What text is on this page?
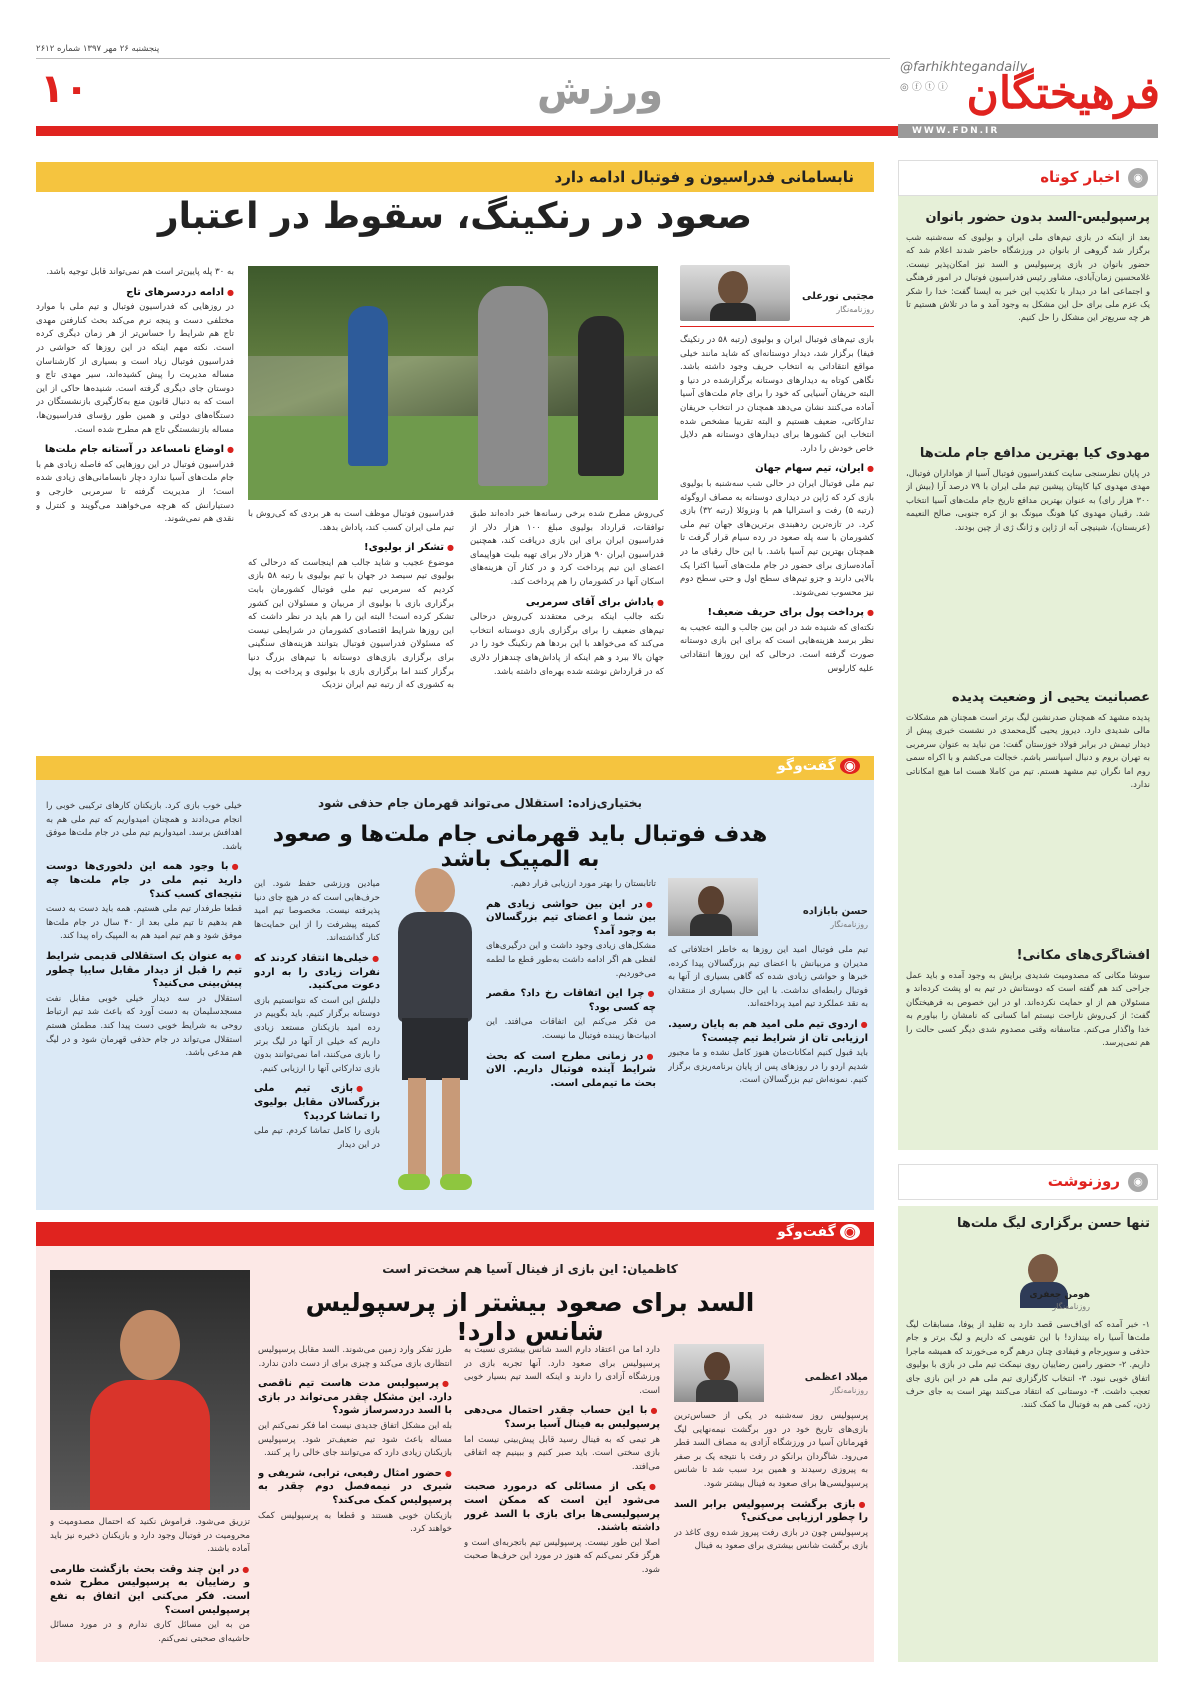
پنجشنبه ۲۶ مهر ۱۳۹۷ شماره ۲۶۱۲
۱۰	ورزش
@farhikhtegandaily
◎ⓕⓣⓘ فرهیختگان
WWW.FDN.IR
نابسامانی فدراسیون و فوتبال ادامه دارد
صعود در رنکینگ، سقوط در اعتبار
مجتبی نورعلی
روزنامه‌نگار
بازی تیم‌های فوتبال ایران و بولیوی (رتبه ۵۸ در رنکینگ فیفا) برگزار شد، دیدار دوستانه‌ای که شاید مانند خیلی مواقع انتقاداتی به انتخاب حریف وجود داشته باشد. نگاهی کوتاه به دیدارهای دوستانه برگزارشده در دنیا و البته حریفان آسیایی که خود را برای جام ملت‌های آسیا آماده می‌کنند نشان می‌دهد همچنان در انتخاب حریفان تدارکاتی، ضعیف هستیم و البته تقریبا مشخص شده انتخاب این کشورها برای دیدارهای دوستانه هم دلایل خاص خودش را دارد.
● ایران، تیم سهام جهان
تیم ملی فوتبال ایران در حالی شب سه‌شنبه با بولیوی بازی کرد که ژاپن در دیداری دوستانه به مصاف اروگوئه (رتبه ۵) رفت و استرالیا هم با ونزوئلا (رتبه ۳۲) بازی کرد. در تازه‌ترین ردهبندی برترین‌های جهان تیم ملی کشورمان با سه پله صعود در رده سیام قرار گرفت تا همچنان بهترین تیم آسیا باشد. با این حال رقبای ما در آماده‌سازی برای حضور در جام ملت‌های آسیا اکثرا یک بالایی دارند و جزو تیم‌های سطح اول و حتی سطح دوم نیز محسوب نمی‌شوند.
● پرداخت پول برای حریف ضعیف!
نکته‌ای که شنیده شد در این بین جالب و البته عجیب به نظر برسد هزینه‌هایی است که برای این بازی دوستانه صورت گرفته است. درحالی که این روزها انتقاداتی علیه کارلوس
کی‌روش مطرح شده برخی رسانه‌ها خبر داده‌اند طبق توافقات، قرارداد بولیوی مبلغ ۱۰۰ هزار دلار از فدراسیون ایران برای این بازی دریافت کند، همچنین فدراسیون ایران ۹۰ هزار دلار برای تهیه بلیت هواپیمای اعضای این تیم پرداخت کرد و در کنار آن هزینه‌های اسکان آنها در کشورمان را هم پرداخت کند.
● پاداش برای آقای سرمربی
نکته جالب اینکه برخی معتقدند کی‌روش درحالی تیم‌های ضعیف را برای برگزاری بازی دوستانه انتخاب می‌کند که می‌خواهد با این بردها هم رنکینگ خود را در جهان بالا ببرد و هم اینکه از پاداش‌های چندهزار دلاری که در قرارداش نوشته شده بهره‌ای داشته باشد.
فدراسیون فوتبال موظف است به هر بردی که کی‌روش با تیم ملی ایران کسب کند، پاداش بدهد.
● تشکر از بولیوی!
موضوع عجیب و شاید جالب هم اینجاست که درحالی که بولیوی تیم سیصد در جهان با تیم بولیوی با رتبه ۵۸ بازی کردیم که سرمربی تیم ملی فوتبال کشورمان بابت برگزاری بازی با بولیوی از مربیان و مسئولان این کشور تشکر کرده است! البته این را هم باید در نظر داشت که این روزها شرایط اقتصادی کشورمان در شرایطی نیست که مسئولان فدراسیون فوتبال بتوانند هزینه‌های سنگینی برای برگزاری بازی‌های دوستانه با تیم‌های بزرگ دنیا برگزار کنند اما برگزاری بازی با بولیوی و پرداخت به پول به کشوری که از رتبه تیم ایران نزدیک
به ۳۰ پله پایین‌تر است هم نمی‌تواند قابل توجیه باشد.
● ادامه دردسرهای تاج
در روزهایی که فدراسیون فوتبال و تیم ملی با موارد مختلفی دست و پنجه نرم می‌کند بحث کنارفتن مهدی تاج هم شرایط را حساس‌تر از هر زمان دیگری کرده است. نکته مهم اینکه در این روزها که حواشی در فدراسیون فوتبال زیاد است و بسیاری از کارشناسان مساله مدیریت را پیش کشیده‌اند، سیر مهدی تاج و دوستان جای دیگری گرفته است. شنیده‌ها حاکی از این است که به دنبال قانون منع به‌کارگیری بازنشستگان در دستگاه‌های دولتی و همین طور رؤسای فدراسیون‌ها، مساله بازنشستگی تاج هم مطرح شده است.
● اوضاع نامساعد در آستانه جام ملت‌ها
فدراسیون فوتبال در این روزهایی که فاصله زیادی هم با جام ملت‌های آسیا ندارد دچار نابسامانی‌های زیادی شده است؛ از مدیریت گرفته تا سرمربی خارجی و دستیارانش که هرچه می‌خواهند می‌گویند و کنترل و نقدی هم نمی‌شوند.
◉گفت‌وگو
بختیاری‌زاده: استقلال می‌تواند قهرمان جام حذفی شود
هدف فوتبال باید قهرمانی جام ملت‌ها و صعود به المپیک باشد
حسن بابازاده
روزنامه‌نگار
تیم ملی فوتبال امید این روزها به خاطر اختلافاتی که مدیران و مربیانش با اعضای تیم بزرگسالان پیدا کرده، خبرها و حواشی زیادی شده که گاهی بسیاری از آنها به فوتبال رابطه‌ای نداشت. با این حال بسیاری از منتقدان به نقد عملکرد تیم امید پرداخته‌اند.
● اردوی تیم ملی امید هم به پایان رسید. ارزیابی تان از شرایط تیم چیست؟
باید قبول کنیم امکانات‌مان هنوز کامل نشده و ما مجبور شدیم اردو را در روزهای پس از پایان برنامه‌ریزی برگزار کنیم. نمونه‌اش تیم بزرگسالان است.
تاتابستان را بهتر مورد ارزیابی قرار دهیم.
● در این بین حواشی زیادی هم بین شما و اعضای تیم بزرگسالان به وجود آمد؟
مشکل‌های زیادی وجود داشت و این درگیری‌های لفظی هم اگر ادامه داشت به‌طور قطع ما لطمه می‌خوردیم.
● چرا این اتفاقات رخ داد؟ مقصر چه کسی بود؟
من فکر می‌کنم این اتفاقات می‌افتد. این ادبیات‌ها زیبنده فوتبال ما نیست.
● در زمانی مطرح است که بحث شرایط آینده فوتبال داریم. الان بحث ما تیم‌ملی است.
میادین ورزشی حفظ شود. این حرف‌هایی است که در هیچ جای دنیا پذیرفته نیست. مخصوصا تیم امید کمیته پیشرفت را از این حمایت‌ها کنار گذاشته‌اند.
● خیلی‌ها انتقاد کردند که نفرات زیادی را به اردو دعوت می‌کنید.
دلیلش این است که نتوانستیم بازی دوستانه برگزار کنیم. باید بگوییم در رده امید بازیکنان مستعد زیادی داریم که خیلی از آنها در لیگ برتر را بازی می‌کنند، اما نمی‌توانند بدون بازی تدارکاتی آنها را ارزیابی کنیم.
● بازی تیم ملی بزرگسالان مقابل بولیوی را تماشا کردید؟
بازی را کامل تماشا کردم. تیم ملی در این دیدار
خیلی خوب بازی کرد. بازیکنان کارهای ترکیبی خوبی را انجام می‌دادند و همچنان امیدواریم که تیم ملی هم به اهدافش برسد. امیدواریم تیم ملی در جام ملت‌ها موفق باشد.
● با وجود همه این دلخوری‌ها دوست دارید تیم ملی در جام ملت‌ها چه نتیجه‌ای کسب کند؟
قطعا طرفدار تیم ملی هستیم. همه باید دست به دست هم بدهیم تا تیم ملی بعد از ۴۰ سال در جام ملت‌ها موفق شود و هم تیم امید هم به المپیک راه پیدا کند.
● به عنوان یک استقلالی قدیمی شرایط تیم‌ را قبل از دیدار مقابل سایپا چطور پیش‌بینی می‌کنید؟
استقلال در سه دیدار خیلی خوبی مقابل نفت مسجدسلیمان به دست آورد که باعث شد تیم ارتباط روحی به شرایط خوبی دست پیدا کند. مطمئن هستم استقلال می‌تواند در جام حذفی قهرمان شود و در لیگ هم مدعی باشد.
◉گفت‌وگو
کاظمیان: این بازی از فینال آسیا هم سخت‌تر است
السد برای صعود بیشتر از پرسپولیس شانس دارد!
میلاد اعظمی
روزنامه‌نگار
پرسپولیس روز سه‌شنبه در یکی از حساس‌ترین بازی‌های تاریخ خود در دور برگشت نیمه‌نهایی لیگ قهرمانان آسیا در ورزشگاه آزادی به مصاف السد قطر می‌رود. شاگردان برانکو در رفت با نتیجه یک بر صفر به پیروزی رسیدند و همین برد سبب شد تا شانس پرسپولیسی‌ها برای صعود به فینال بیشتر شود.
● بازی برگشت پرسپولیس برابر السد را چطور ارزیابی می‌کنی؟
پرسپولیس چون در بازی رفت پیروز شده روی کاغذ در بازی برگشت شانس بیشتری برای صعود به فینال
دارد اما من اعتقاد دارم السد شانس بیشتری نسبت به پرسپولیس برای صعود دارد. آنها تجربه بازی در ورزشگاه آزادی را دارند و اینکه السد تیم بسیار خوبی است.
● با این حساب چقدر احتمال می‌دهی پرسپولیس به فینال آسیا برسد؟
هر تیمی که به فینال رسید قابل پیش‌بینی نیست اما بازی سختی است. باید صبر کنیم و ببینیم چه اتفاقی می‌افتد.
● یکی از مسائلی که درمورد صحبت می‌شود این است که ممکن است پرسپولیسی‌ها برای بازی با السد غرور داشته باشند.
اصلا این طور نیست. پرسپولیس تیم باتجربه‌ای است و هرگز فکر نمی‌کنم که هنوز در مورد این حرف‌ها صحبت شود.
طرز تفکر وارد زمین می‌شوند. السد مقابل پرسپولیس انتظاری بازی می‌کند و چیزی برای از دست دادن ندارد.
● پرسپولیس مدت هاست تیم ناقصی دارد. این مشکل چقدر می‌تواند در بازی با السد دردسرساز شود؟
بله این مشکل اتفاق جدیدی نیست اما فکر نمی‌کنم این مساله باعث شود تیم ضعیف‌تر شود. پرسپولیس بازیکنان زیادی دارد که می‌توانند جای خالی را پر کنند.
● حضور امثال رفیعی، ترابی، شریفی و شیری در نیمه‌فصل دوم چقدر به پرسپولیس کمک می‌کند؟
بازیکنان خوبی هستند و قطعا به پرسپولیس کمک خواهند کرد.
تزریق می‌شود. فراموش نکنید که احتمال مصدومیت و محرومیت در فوتبال وجود دارد و بازیکنان ذخیره نیز باید آماده باشند.
● در این چند وقت بحث بازگشت طارمی و رضاییان به پرسپولیس مطرح شده است. فکر می‌کنی این اتفاق به نفع پرسپولیس است؟
من به این مسائل کاری ندارم و در مورد مسائل حاشیه‌ای صحبتی نمی‌کنم.
◉
اخبار کوتاه
پرسپولیس-السد بدون حضور بانوان
بعد از اینکه در بازی تیم‌های ملی ایران و بولیوی که سه‌شنبه شب برگزار شد گروهی از بانوان در ورزشگاه حاضر شدند اعلام شد که حضور بانوان در بازی پرسپولیس و السد نیز امکان‌پذیر نیست. غلامحسین زمان‌آبادی، مشاور رئیس فدراسیون فوتبال در امور فرهنگی و اجتماعی اما در دیدار با تکذیب این خبر به ایسنا گفت: خدا را شکر یک عزم ملی برای حل این مشکل به وجود آمد و ما در تلاش هستیم تا هر چه سریع‌تر این مشکل را حل کنیم.
مهدوی کیا بهترین مدافع جام ملت‌ها
در پایان نظرسنجی سایت کنفدراسیون فوتبال آسیا از هواداران فوتبال، مهدی مهدوی کیا کاپیتان پیشین تیم ملی ایران با ۷۹ درصد آرا (بیش از ۳۰۰ هزار رای) به عنوان بهترین مدافع تاریخ جام ملت‌های آسیا انتخاب شد. رقیبان مهدوی کیا هونگ میونگ بو از کره جنوبی، صالح النعیمه (عربستان)، شینیچی آبه از ژاپن و ژانگ ژی از چین بودند.
عصبانیت یحیی از وضعیت پدیده
پدیده مشهد که همچنان صدرنشین لیگ برتر است همچنان هم مشکلات مالی شدیدی دارد. دیروز یحیی گل‌محمدی در نشست خبری پیش از دیدار تیمش در برابر فولاد خوزستان گفت: من نباید به عنوان سرمربی به تهران بروم و دنبال اسپانسر باشم. خجالت می‌کشم و با اکراه سمی روم اما نگران تیم مشهد هستم. تیم من کاملا هست اما هیچ امکاناتی ندارد.
افشاگری‌های مکانی!
سوشا مکانی که مصدومیت شدیدی برایش به وجود آمده و باید عمل جراحی کند هم گفته است که دوستانش در تیم به او پشت کرده‌اند و مسئولان هم از او حمایت نکرده‌اند. او در این خصوص به فرهیختگان گفت: از کی‌روش ناراحت نیستم اما کسانی که نامشان را بیاورم به خدا واگذار می‌کنم. متاسفانه وقتی مصدوم شدی دیگر کسی حالت را هم نمی‌پرسد.
◉
روزنوشت
تنها حسن برگزاری لیگ ملت‌ها
هومن جعفری
روزنامه‌نگار
۱- خبر آمده که ای‌اف‌سی قصد دارد به تقلید از یوفا، مسابقات لیگ ملت‌ها آسیا راه بیندازد! با این تقویمی که داریم و لیگ برتر و جام حذفی و سوپرجام و فیفادی چنان درهم گره می‌خورند که همیشه ماجرا داریم. ۲- حضور رامین رضاییان روی نیمکت تیم ملی در بازی با بولیوی اتفاق خوبی نبود. ۳- انتخاب کارگزاری تیم ملی هم در این بازی جای تعجب داشت. ۴- دوستانی که انتقاد می‌کنند بهتر است به جای حرف زدن، کمی هم به فوتبال ما کمک کنند.
